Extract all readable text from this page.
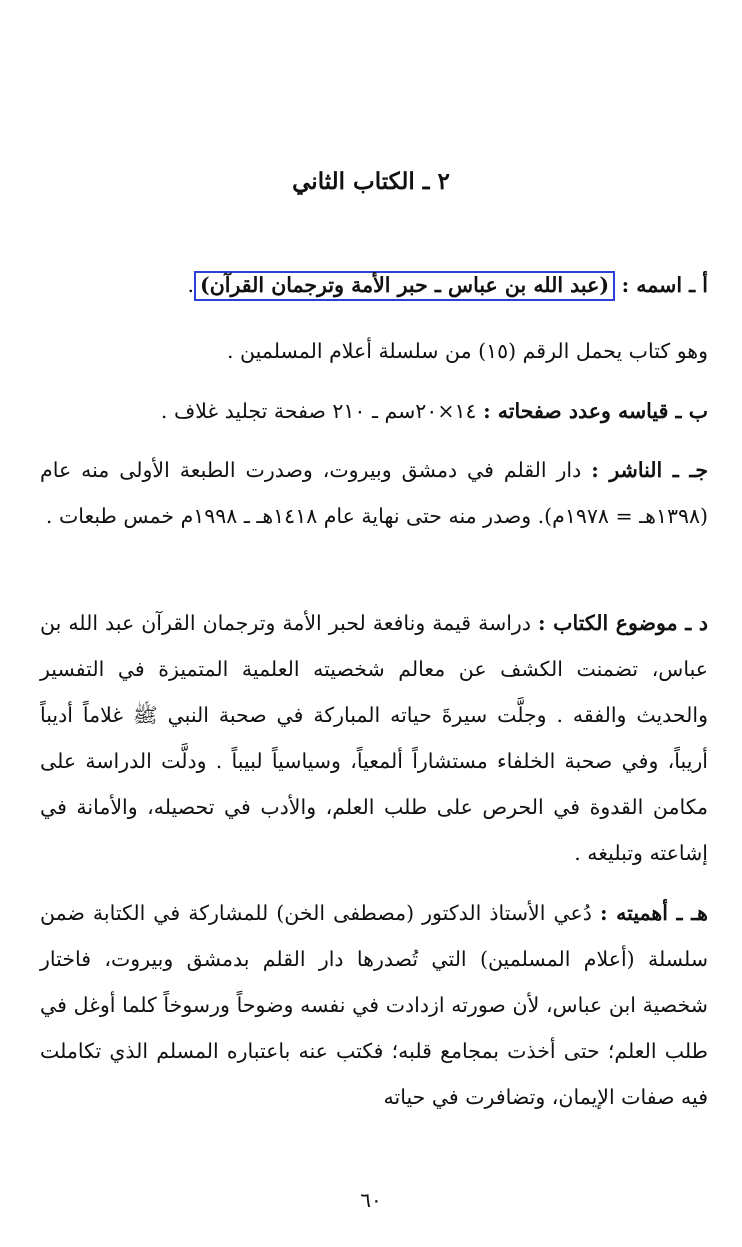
٢ ـ الكتاب الثاني
أ ـ اسمه : (عبد الله بن عباس ـ حبر الأمة وترجمان القرآن).
وهو كتاب يحمل الرقم (١٥) من سلسلة أعلام المسلمين .
ب ـ قياسه وعدد صفحاته : ١٤×٢٠سم ـ ٢١٠ صفحة تجليد غلاف .
جـ ـ الناشر : دار القلم في دمشق وبيروت، وصدرت الطبعة الأولى منه عام (١٣٩٨هـ = ١٩٧٨م). وصدر منه حتى نهاية عام ١٤١٨هـ ـ ١٩٩٨م خمس طبعات .
د ـ موضوع الكتاب : دراسة قيمة ونافعة لحبر الأمة وترجمان القرآن عبد الله بن عباس، تضمنت الكشف عن معالم شخصيته العلمية المتميزة في التفسير والحديث والفقه . وجلَّت سيرةَ حياته المباركة في صحبة النبي ﷺ غلاماً أديباً أريباً، وفي صحبة الخلفاء مستشاراً ألمعياً، وسياسياً لبيباً . ودلَّت الدراسة على مكامن القدوة في الحرص على طلب العلم، والأدب في تحصيله، والأمانة في إشاعته وتبليغه .
هـ ـ أهميته : دُعي الأستاذ الدكتور (مصطفى الخن) للمشاركة في الكتابة ضمن سلسلة (أعلام المسلمين) التي تُصدرها دار القلم بدمشق وبيروت، فاختار شخصية ابن عباس، لأن صورته ازدادت في نفسه وضوحاً ورسوخاً كلما أوغل في طلب العلم؛ حتى أخذت بمجامع قلبه؛ فكتب عنه باعتباره المسلم الذي تكاملت فيه صفات الإيمان، وتضافرت في حياته
٦٠
